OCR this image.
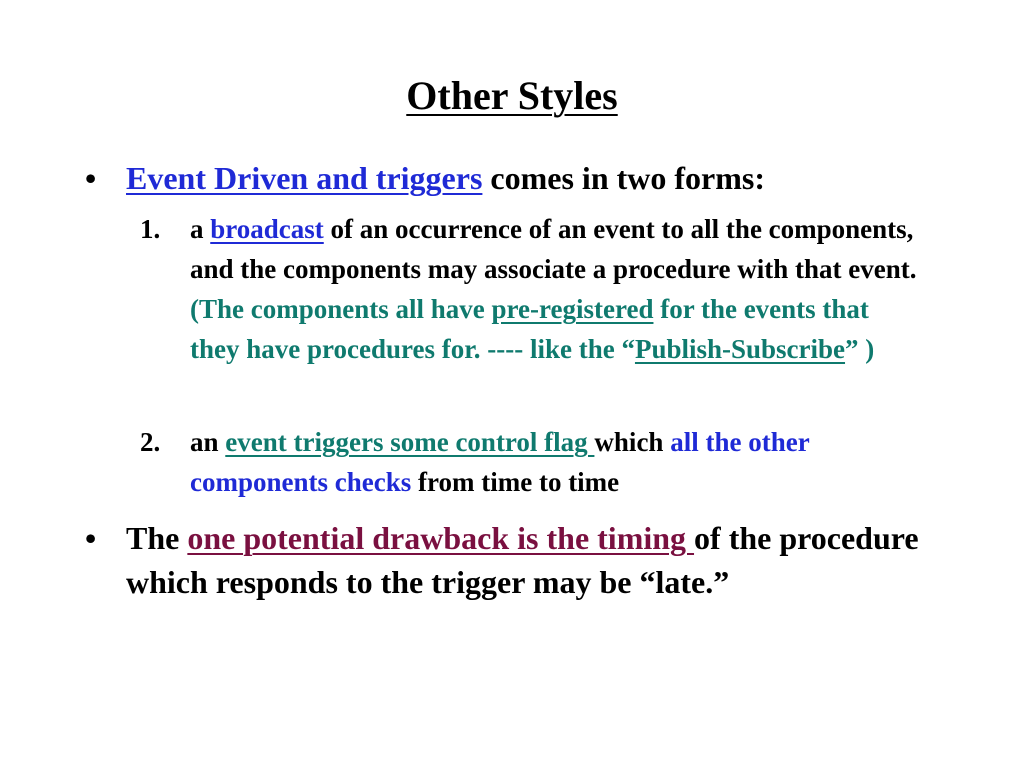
Other Styles
• Event Driven and triggers comes in two forms:
1. a broadcast of an occurrence of an event to all the components, and the components may associate a procedure with that event. (The components all have pre-registered for the events that they have procedures for. ---- like the “Publish-Subscribe” )
2. an event triggers some control flag which all the other components checks from time to time
• The one potential drawback is the timing of the procedure which responds to the trigger may be “late.”
